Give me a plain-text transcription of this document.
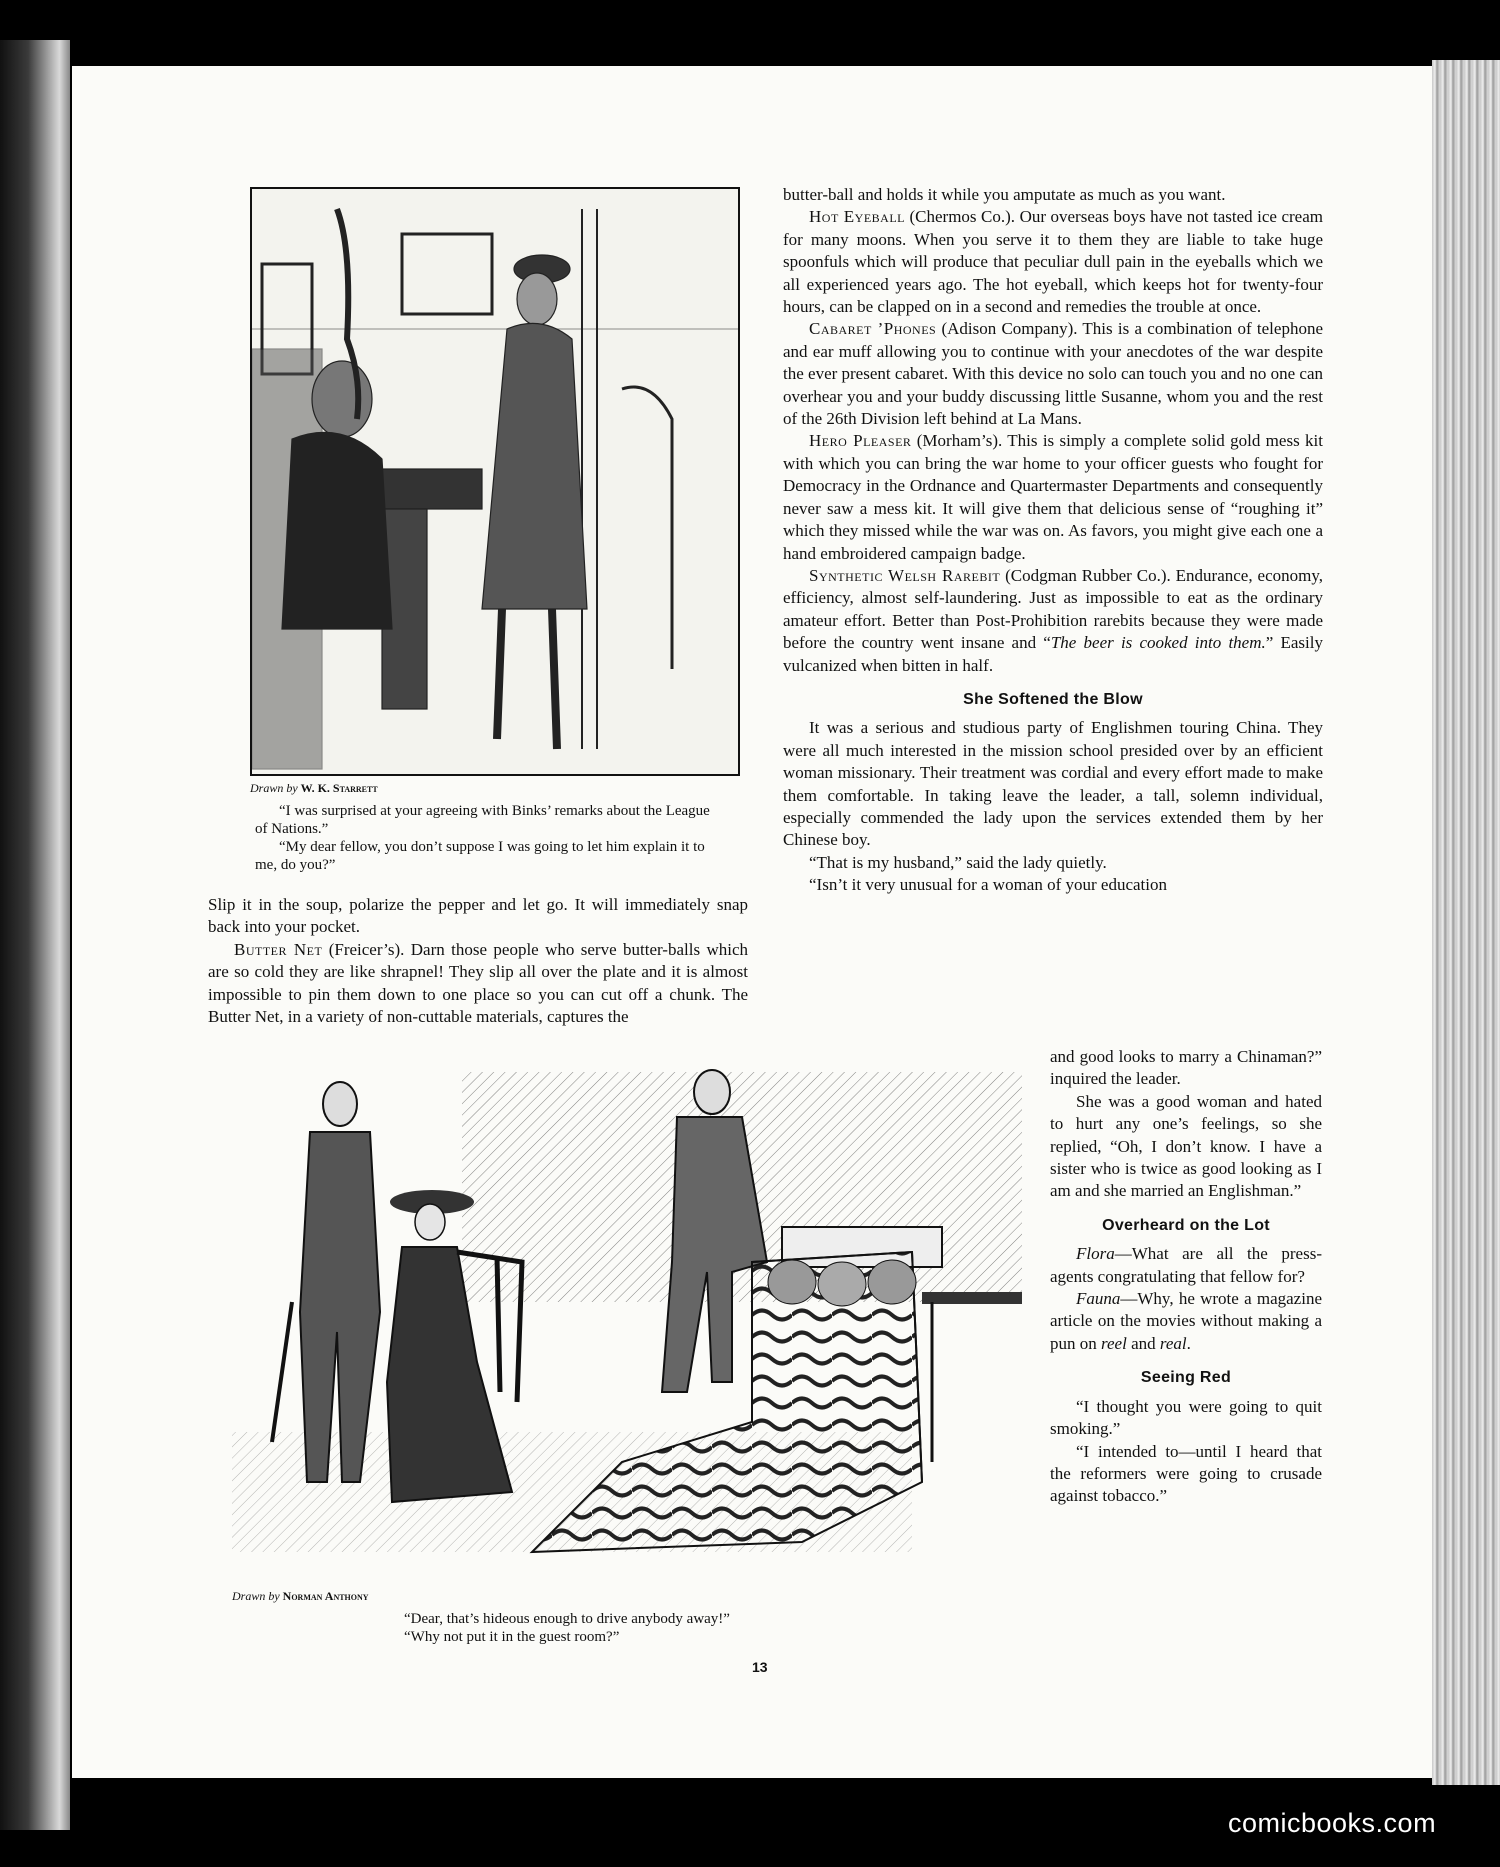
Drawn by W. K. Starrett

“I was surprised at your agreeing with Binks’ remarks about the League of Nations.”

“My dear fellow, you don’t suppose I was going to let him explain it to me, do you?”

Slip it in the soup, polarize the pepper and let go. It will immediately snap back into your pocket.

Butter Net (Freicer’s). Darn those people who serve butter-balls which are so cold they are like shrapnel! They slip all over the plate and it is almost impossible to pin them down to one place so you can cut off a chunk. The Butter Net, in a variety of non-cuttable materials, captures the

butter-ball and holds it while you amputate as much as you want.

Hot Eyeball (Chermos Co.). Our overseas boys have not tasted ice cream for many moons. When you serve it to them they are liable to take huge spoonfuls which will produce that peculiar dull pain in the eyeballs which we all experienced years ago. The hot eyeball, which keeps hot for twenty-four hours, can be clapped on in a second and remedies the trouble at once.

Cabaret ’Phones (Adison Company). This is a combination of telephone and ear muff allowing you to continue with your anecdotes of the war despite the ever present cabaret. With this device no solo can touch you and no one can overhear you and your buddy discussing little Susanne, whom you and the rest of the 26th Division left behind at La Mans.

Hero Pleaser (Morham’s). This is simply a complete solid gold mess kit with which you can bring the war home to your officer guests who fought for Democracy in the Ordnance and Quartermaster Departments and consequently never saw a mess kit. It will give them that delicious sense of “roughing it” which they missed while the war was on. As favors, you might give each one a hand embroidered campaign badge.

Synthetic Welsh Rarebit (Codgman Rubber Co.). Endurance, economy, efficiency, almost self-laundering. Just as impossible to eat as the ordinary amateur effort. Better than Post-Prohibition rarebits because they were made before the country went insane and “The beer is cooked into them.” Easily vulcanized when bitten in half.

She Softened the Blow

It was a serious and studious party of Englishmen touring China. They were all much interested in the mission school presided over by an efficient woman missionary. Their treatment was cordial and every effort made to make them comfortable. In taking leave the leader, a tall, solemn individual, especially commended the lady upon the services extended them by her Chinese boy.

“That is my husband,” said the lady quietly.

“Isn’t it very unusual for a woman of your education

and good looks to marry a Chinaman?” inquired the leader.

She was a good woman and hated to hurt any one’s feelings, so she replied, “Oh, I don’t know. I have a sister who is twice as good looking as I am and she married an Englishman.”

Overheard on the Lot

Flora—What are all the press-agents congratulating that fellow for?

Fauna—Why, he wrote a magazine article on the movies without making a pun on reel and real.

Seeing Red

“I thought you were going to quit smoking.”

“I intended to—until I heard that the reformers were going to crusade against tobacco.”

Drawn by Norman Anthony

“Dear, that’s hideous enough to drive anybody away!”

“Why not put it in the guest room?”

13
comicbooks.com
